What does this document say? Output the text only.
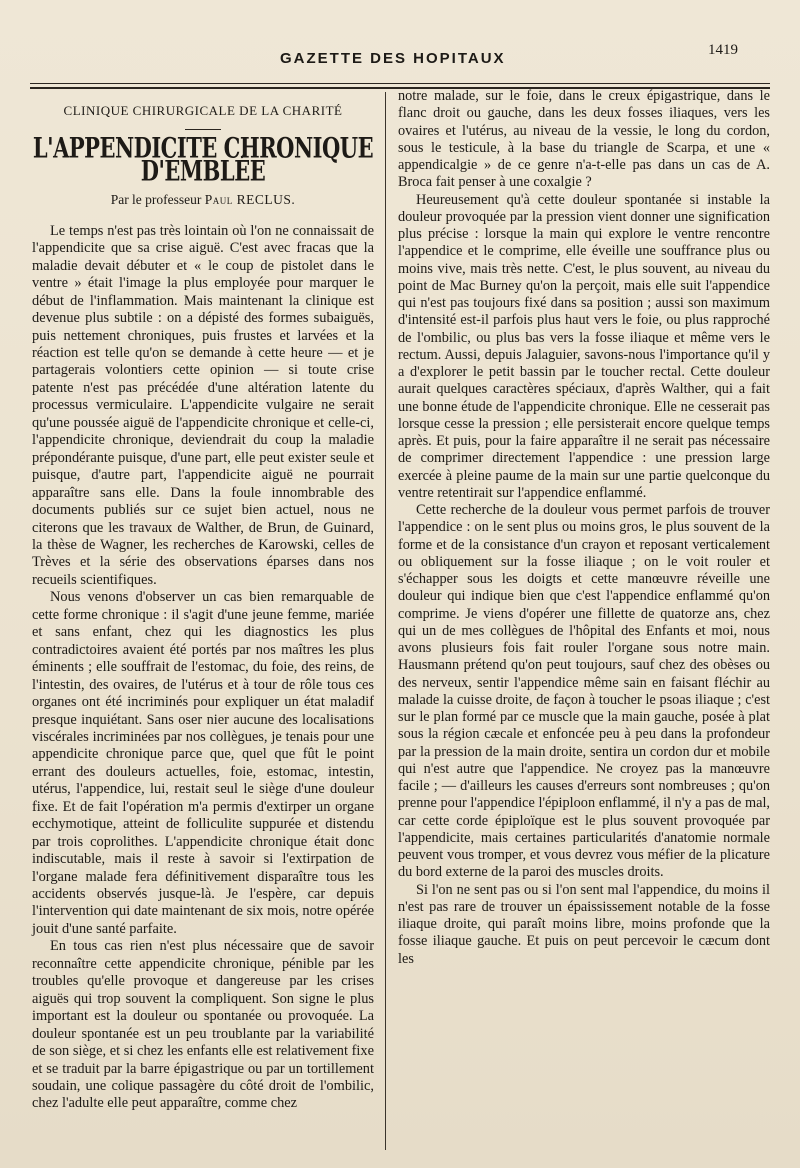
GAZETTE DES HOPITAUX	1419
CLINIQUE CHIRURGICALE DE LA CHARITÉ
L'APPENDICITE CHRONIQUE D'EMBLÉE
Par le professeur Paul RECLUS.

Le temps n'est pas très lointain où l'on ne connaissait de l'appendicite que sa crise aiguë. C'est avec fracas que la maladie devait débuter et « le coup de pistolet dans le ventre » était l'image la plus employée pour marquer le début de l'inflammation. Mais maintenant la clinique est devenue plus subtile : on a dépisté des formes subaiguës, puis nettement chroniques, puis frustes et larvées et la réaction est telle qu'on se demande à cette heure — et je partagerais volontiers cette opinion — si toute crise patente n'est pas précédée d'une altération latente du processus vermiculaire. L'appendicite vulgaire ne serait qu'une poussée aiguë de l'appendicite chronique et celle-ci, l'appendicite chronique, deviendrait du coup la maladie prépondérante puisque, d'une part, elle peut exister seule et puisque, d'autre part, l'appendicite aiguë ne pourrait apparaître sans elle. Dans la foule innombrable des documents publiés sur ce sujet bien actuel, nous ne citerons que les travaux de Walther, de Brun, de Guinard, la thèse de Wagner, les recherches de Karowski, celles de Trèves et la série des observations éparses dans nos recueils scientifiques.

Nous venons d'observer un cas bien remarquable de cette forme chronique : il s'agit d'une jeune femme, mariée et sans enfant, chez qui les diagnostics les plus contradictoires avaient été portés par nos maîtres les plus éminents ; elle souffrait de l'estomac, du foie, des reins, de l'intestin, des ovaires, de l'utérus et à tour de rôle tous ces organes ont été incriminés pour expliquer un état maladif presque inquiétant. Sans oser nier aucune des localisations viscérales incriminées par nos collègues, je tenais pour une appendicite chronique parce que, quel que fût le point errant des douleurs actuelles, foie, estomac, intestin, utérus, l'appendice, lui, restait seul le siège d'une douleur fixe. Et de fait l'opération m'a permis d'extirper un organe ecchymotique, atteint de folliculite suppurée et distendu par trois coprolithes. L'appendicite chronique était donc indiscutable, mais il reste à savoir si l'extirpation de l'organe malade fera définitivement disparaître tous les accidents observés jusque-là. Je l'espère, car depuis l'intervention qui date maintenant de six mois, notre opérée jouit d'une santé parfaite.

En tous cas rien n'est plus nécessaire que de savoir reconnaître cette appendicite chronique, pénible par les troubles qu'elle provoque et dangereuse par les crises aiguës qui trop souvent la compliquent. Son signe le plus important est la douleur ou spontanée ou provoquée. La douleur spontanée est un peu troublante par la variabilité de son siège, et si chez les enfants elle est relativement fixe et se traduit par la barre épigastrique ou par un tortillement soudain, une colique passagère du côté droit de l'ombilic, chez l'adulte elle peut apparaître, comme chez

notre malade, sur le foie, dans le creux épigastrique, dans le flanc droit ou gauche, dans les deux fosses iliaques, vers les ovaires et l'utérus, au niveau de la vessie, le long du cordon, sous le testicule, à la base du triangle de Scarpa, et une « appendicalgie » de ce genre n'a-t-elle pas dans un cas de A. Broca fait penser à une coxalgie ?

Heureusement qu'à cette douleur spontanée si instable la douleur provoquée par la pression vient donner une signification plus précise : lorsque la main qui explore le ventre rencontre l'appendice et le comprime, elle éveille une souffrance plus ou moins vive, mais très nette. C'est, le plus souvent, au niveau du point de Mac Burney qu'on la perçoit, mais elle suit l'appendice qui n'est pas toujours fixé dans sa position ; aussi son maximum d'intensité est-il parfois plus haut vers le foie, ou plus rapproché de l'ombilic, ou plus bas vers la fosse iliaque et même vers le rectum. Aussi, depuis Jalaguier, savons-nous l'importance qu'il y a d'explorer le petit bassin par le toucher rectal. Cette douleur aurait quelques caractères spéciaux, d'après Walther, qui a fait une bonne étude de l'appendicite chronique. Elle ne cesserait pas lorsque cesse la pression ; elle persisterait encore quelque temps après. Et puis, pour la faire apparaître il ne serait pas nécessaire de comprimer directement l'appendice : une pression large exercée à pleine paume de la main sur une partie quelconque du ventre retentirait sur l'appendice enflammé.

Cette recherche de la douleur vous permet parfois de trouver l'appendice : on le sent plus ou moins gros, le plus souvent de la forme et de la consistance d'un crayon et reposant verticalement ou obliquement sur la fosse iliaque ; on le voit rouler et s'échapper sous les doigts et cette manœuvre réveille une douleur qui indique bien que c'est l'appendice enflammé qu'on comprime. Je viens d'opérer une fillette de quatorze ans, chez qui un de mes collègues de l'hôpital des Enfants et moi, nous avons plusieurs fois fait rouler l'organe sous notre main. Hausmann prétend qu'on peut toujours, sauf chez des obèses ou des nerveux, sentir l'appendice même sain en faisant fléchir au malade la cuisse droite, de façon à toucher le psoas iliaque ; c'est sur le plan formé par ce muscle que la main gauche, posée à plat sous la région cæcale et enfoncée peu à peu dans la profondeur par la pression de la main droite, sentira un cordon dur et mobile qui n'est autre que l'appendice. Ne croyez pas la manœuvre facile ; — d'ailleurs les causes d'erreurs sont nombreuses ; qu'on prenne pour l'appendice l'épiploon enflammé, il n'y a pas de mal, car cette corde épiploïque est le plus souvent provoquée par l'appendicite, mais certaines particularités d'anatomie normale peuvent vous tromper, et vous devrez vous méfier de la plicature du bord externe de la paroi des muscles droits.

Si l'on ne sent pas ou si l'on sent mal l'appendice, du moins il n'est pas rare de trouver un épaississement notable de la fosse iliaque droite, qui paraît moins libre, moins profonde que la fosse iliaque gauche. Et puis on peut percevoir le cæcum dont les
